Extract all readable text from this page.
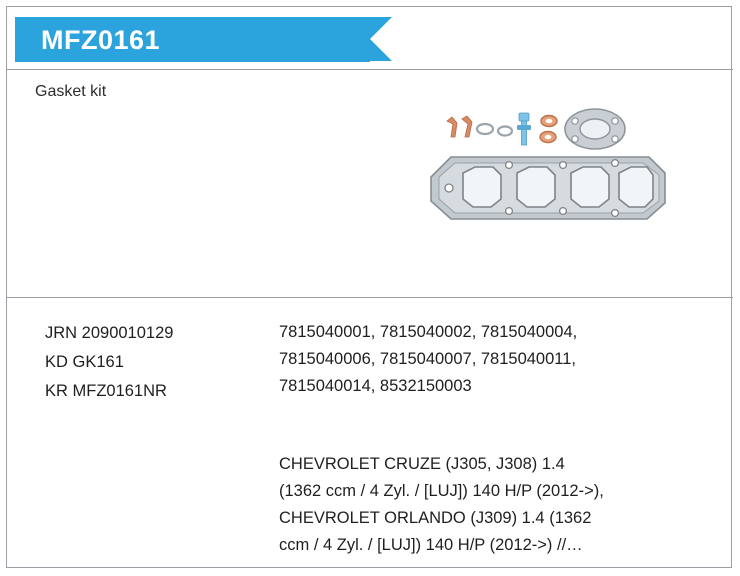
MFZ0161
Gasket kit
JRN 2090010129
KD GK161
KR MFZ0161NR
7815040001, 7815040002, 7815040004,
7815040006, 7815040007, 7815040011,
7815040014, 8532150003
CHEVROLET CRUZE (J305, J308) 1.4
(1362 ccm / 4 Zyl. / [LUJ]) 140 H/P (2012->),
CHEVROLET ORLANDO (J309) 1.4 (1362
ccm / 4 Zyl. / [LUJ]) 140 H/P (2012->) //…
